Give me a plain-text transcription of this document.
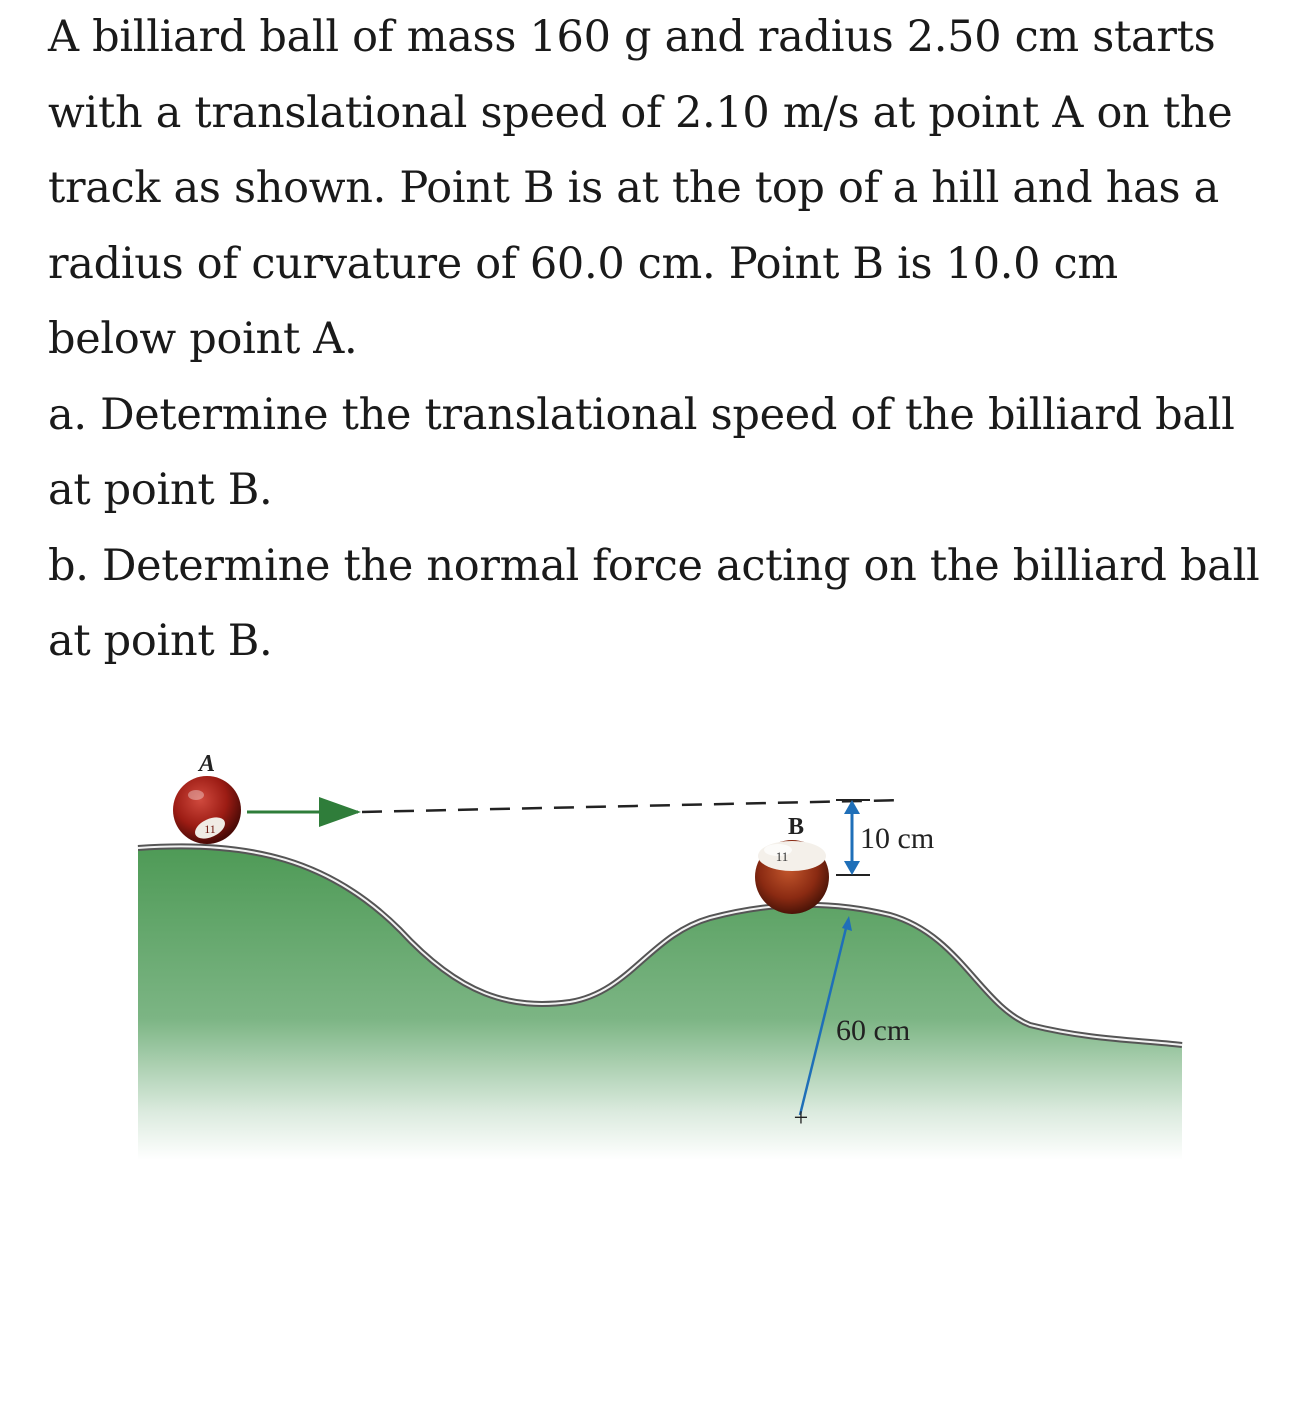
A billiard ball of mass 160 g and radius 2.50 cm starts

with a translational speed of 2.10 m/s at point A on the

track as shown. Point B is at the top of a hill and has a

radius of curvature of 60.0 cm. Point B is 10.0 cm

below point A.

a. Determine the translational speed of the billiard ball

at point B.

b. Determine the normal force acting on the billiard ball

at point B.

11
A
11
B 10 cm
60 cm
+
